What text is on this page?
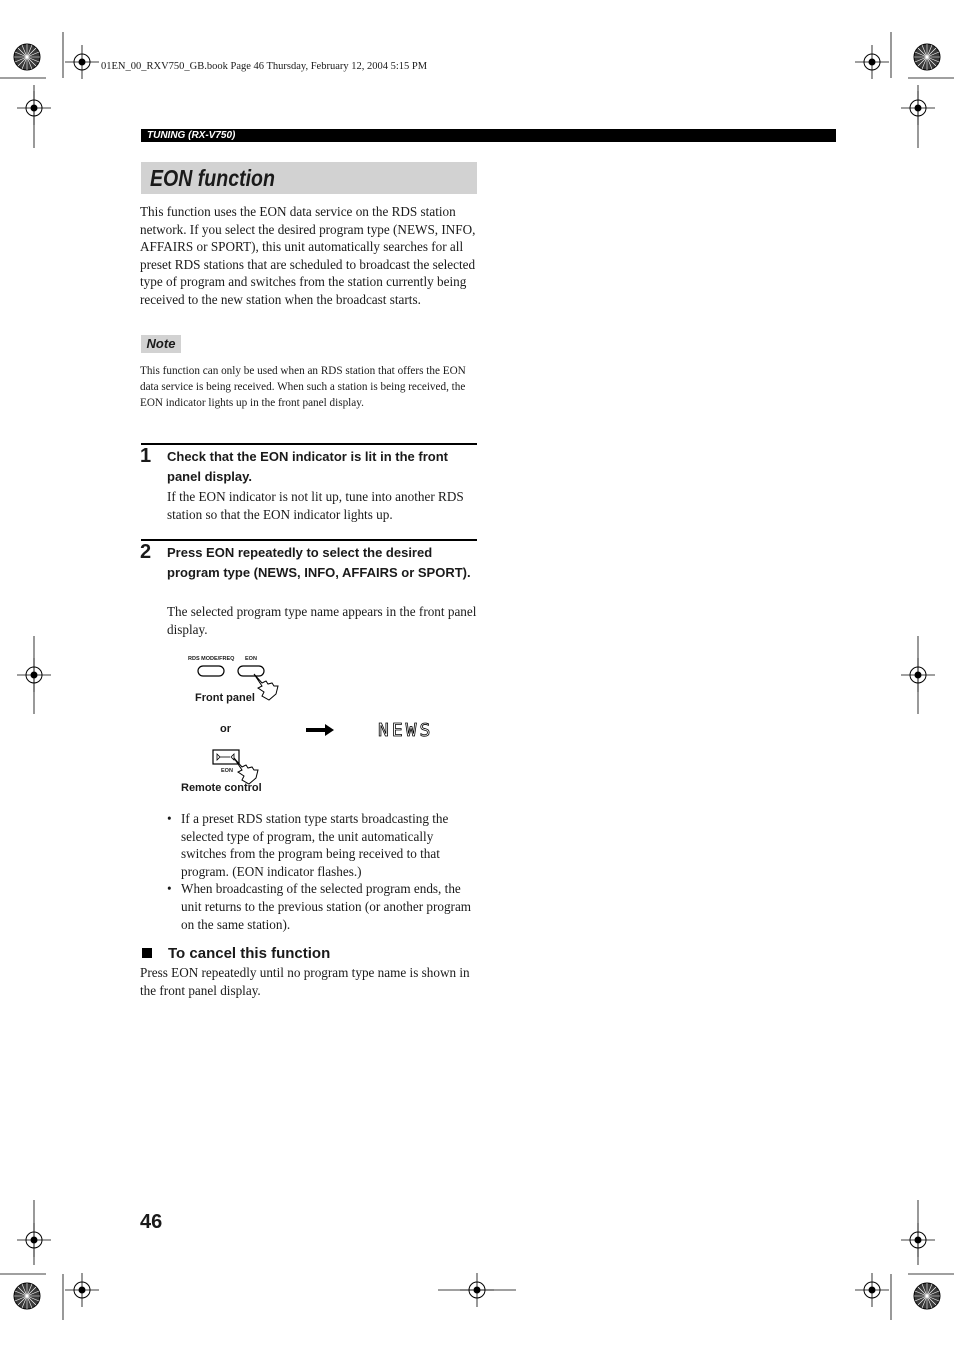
01EN_00_RXV750_GB.book Page 46 Thursday, February 12, 2004 5:15 PM
TUNING (RX-V750)
EON function
This function uses the EON data service on the RDS station network. If you select the desired program type (NEWS, INFO, AFFAIRS or SPORT), this unit automatically searches for all preset RDS stations that are scheduled to broadcast the selected type of program and switches from the station currently being received to the new station when the broadcast starts.
Note
This function can only be used when an RDS station that offers the EON data service is being received. When such a station is being received, the EON indicator lights up in the front panel display.
1 Check that the EON indicator is lit in the front panel display.
If the EON indicator is not lit up, tune into another RDS station so that the EON indicator lights up.
2 Press EON repeatedly to select the desired program type (NEWS, INFO, AFFAIRS or SPORT).
The selected program type name appears in the front panel display.
RDS MODE/FREQ EON
Front panel
or
EON
Remote control
NEWS
• If a preset RDS station type starts broadcasting the selected type of program, the unit automatically switches from the program being received to that program. (EON indicator flashes.)
• When broadcasting of the selected program ends, the unit returns to the previous station (or another program on the same station).
To cancel this function
Press EON repeatedly until no program type name is shown in the front panel display.
46
